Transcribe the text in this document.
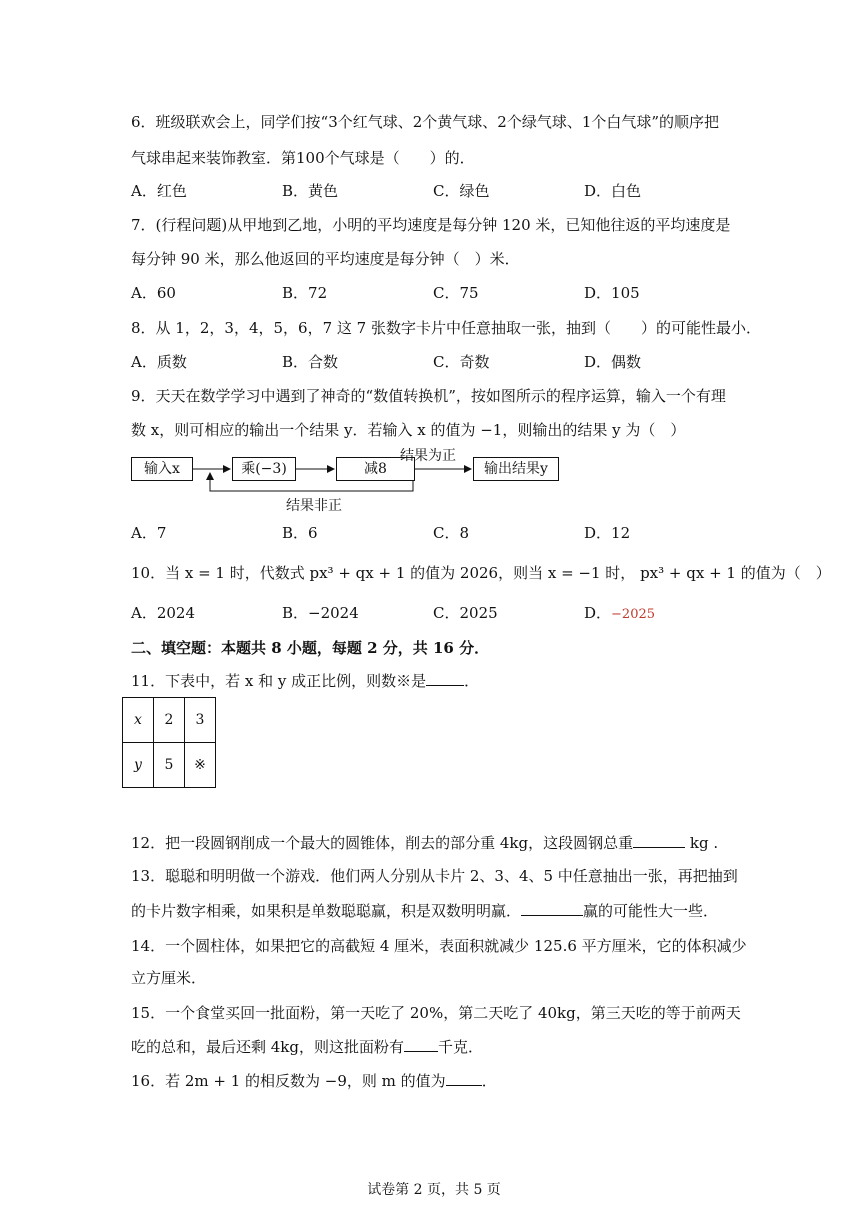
6．班级联欢会上，同学们按“3个红气球、2个黄气球、2个绿气球、1个白气球”的顺序把
气球串起来装饰教室．第100个气球是（　　）的．
A．红色	B．黄色	C．绿色	D．白色
7．(行程问题)从甲地到乙地，小明的平均速度是每分钟 120 米，已知他往返的平均速度是
每分钟 90 米，那么他返回的平均速度是每分钟（　）米．
A．60	B．72	C．75	D．105
8．从 1，2，3，4，5，6，7 这 7 张数字卡片中任意抽取一张，抽到（　　）的可能性最小．
A．质数	B．合数	C．奇数	D．偶数
9．天天在数学学习中遇到了神奇的“数值转换机”，按如图所示的程序运算，输入一个有理
数 x，则可相应的输出一个结果 y．若输入 x 的值为 −1，则输出的结果 y 为（　）
输入x	乘(−3)	减8	输出结果y
结果为正
结果非正
A．7	B．6	C．8	D．12
10．当 x = 1 时，代数式 px³ + qx + 1 的值为 2026，则当 x = −1 时， px³ + qx + 1 的值为（　）
A．2024	B．−2024	C．2025	D．−2025
二、填空题：本题共 8 小题，每题 2 分，共 16 分．
11．下表中，若 x 和 y 成正比例，则数※是	．
x	2	3
y	5	※
12．把一段圆钢削成一个最大的圆锥体，削去的部分重 4kg，这段圆钢总重	kg .
13．聪聪和明明做一个游戏．他们两人分别从卡片 2、3、4、5 中任意抽出一张，再把抽到
的卡片数字相乘，如果积是单数聪聪赢，积是双数明明赢．	赢的可能性大一些．
14．一个圆柱体，如果把它的高截短 4 厘米，表面积就减少 125.6 平方厘米，它的体积减少
立方厘米．
15．一个食堂买回一批面粉，第一天吃了 20%，第二天吃了 40kg，第三天吃的等于前两天
吃的总和，最后还剩 4kg，则这批面粉有 千克．
16．若 2m + 1 的相反数为 −9，则 m 的值为 ．
试卷第 2 页，共 5 页
